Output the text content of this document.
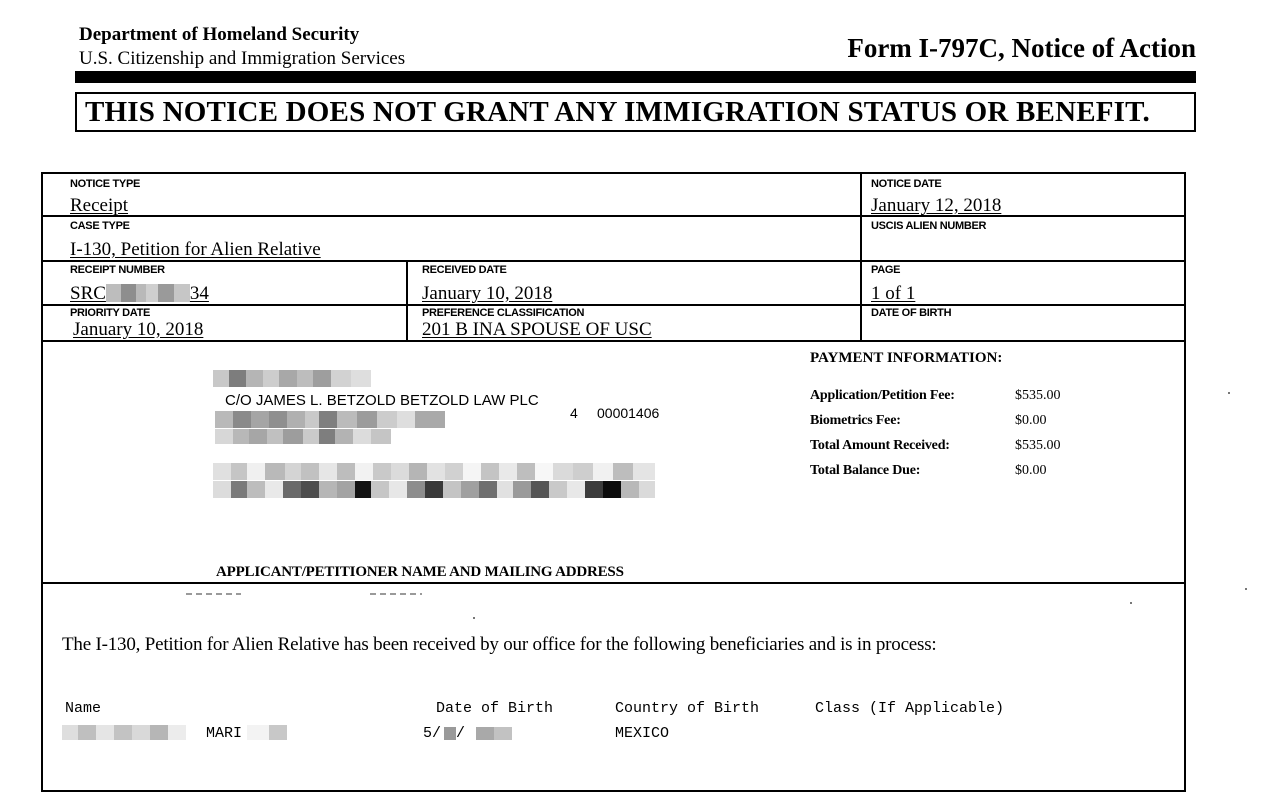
Department of Homeland Security
U.S. Citizenship and Immigration Services	Form I-797C, Notice of Action
THIS NOTICE DOES NOT GRANT ANY IMMIGRATION STATUS OR BENEFIT.
NOTICE TYPE
Receipt
NOTICE DATE
January 12, 2018
CASE TYPE
I-130, Petition for Alien Relative
USCIS ALIEN NUMBER
RECEIPT NUMBER
SRC	34
RECEIVED DATE
January 10, 2018
PAGE
1 of 1
PRIORITY DATE
January 10, 2018
PREFERENCE CLASSIFICATION
201 B INA SPOUSE OF USC
DATE OF BIRTH
C/O JAMES L. BETZOLD BETZOLD LAW PLC
4 00001406
APPLICANT/PETITIONER NAME AND MAILING ADDRESS
PAYMENT INFORMATION:
Application/Petition Fee:	$535.00
Biometrics Fee:	$0.00
Total Amount Received:	$535.00
Total Balance Due:	$0.00
The I-130, Petition for Alien Relative has been received by our office for the following beneficiaries and is in process:
Name	Date of Birth	Country of Birth	Class (If Applicable)
MARI	5/ /	MEXICO
